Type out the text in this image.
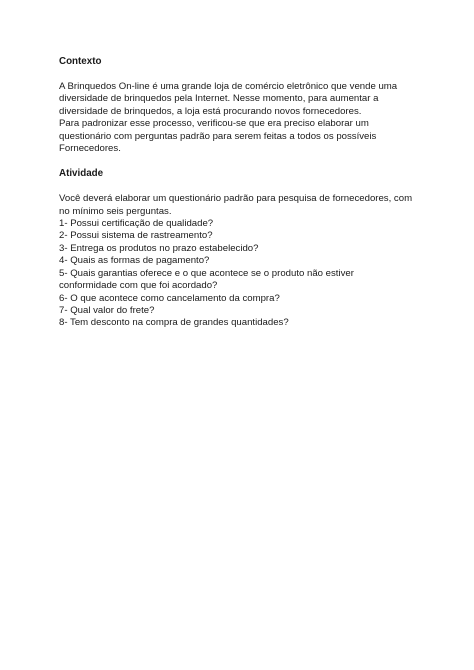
Contexto

A Brinquedos On-line é uma grande loja de comércio eletrônico que vende uma
diversidade de brinquedos pela Internet. Nesse momento, para aumentar a
diversidade de brinquedos, a loja está procurando novos fornecedores.
Para padronizar esse processo, verificou-se que era preciso elaborar um
questionário com perguntas padrão para serem feitas a todos os possíveis
Fornecedores.

Atividade

Você deverá elaborar um questionário padrão para pesquisa de fornecedores, com
no mínimo seis perguntas.

1- Possui certificação de qualidade?
2- Possui sistema de rastreamento?
3- Entrega os produtos no prazo estabelecido?
4- Quais as formas de pagamento?
5- Quais garantias oferece e o que acontece se o produto não estiver
conformidade com que foi acordado?
6- O que acontece como cancelamento da compra?
7- Qual valor do frete?
8- Tem desconto na compra de grandes quantidades?
